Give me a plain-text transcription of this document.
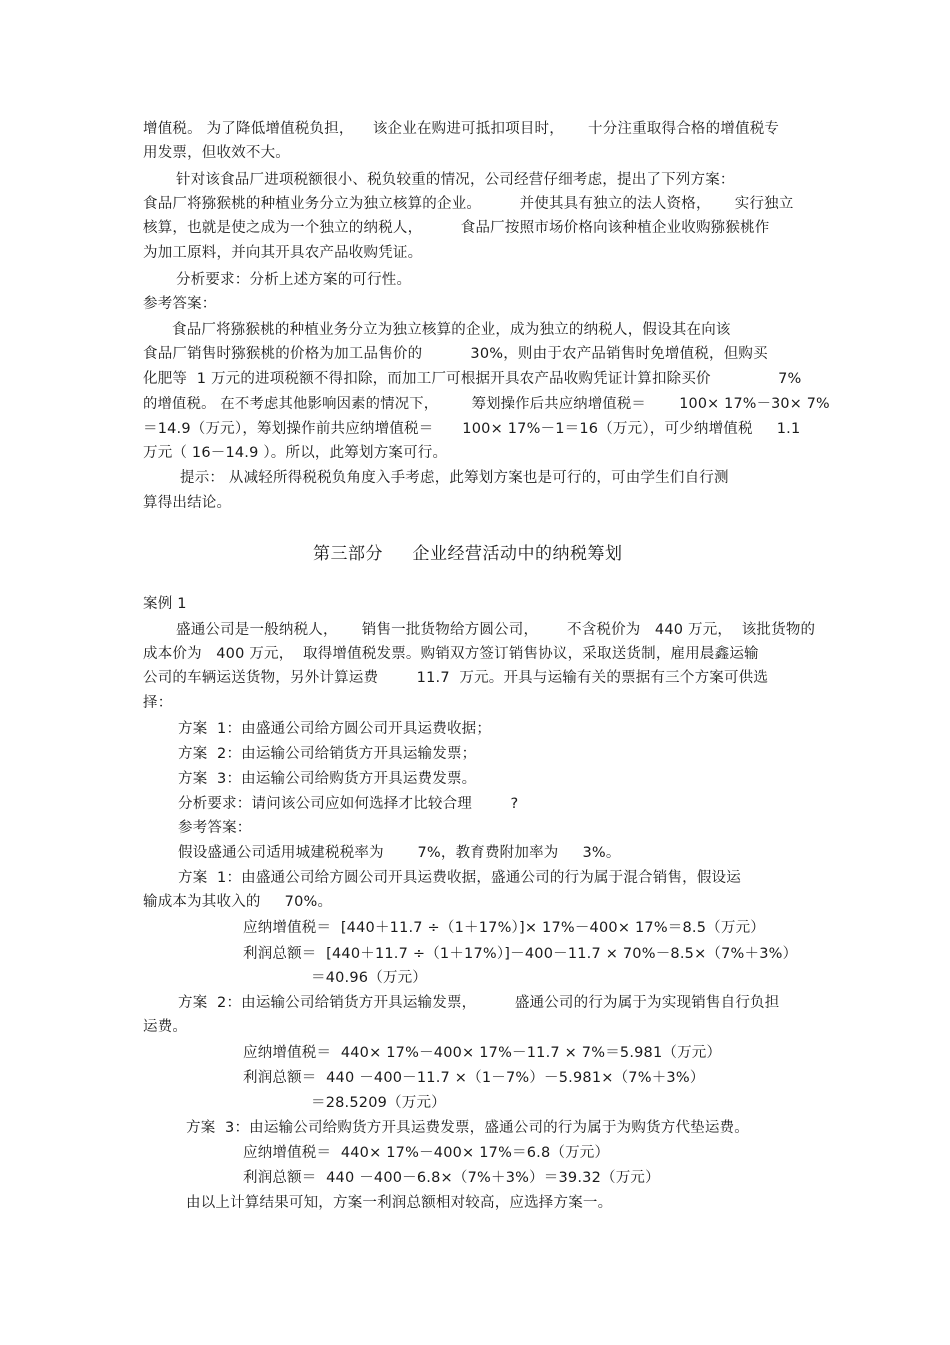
增值税。 为了降低增值税负担，    该企业在购进可抵扣项目时，     十分注重取得合格的增值税专
用发票，但收效不大。
针对该食品厂进项税额很小、税负较重的情况，公司经营仔细考虑，提出了下列方案：
食品厂将猕猴桃的种植业务分立为独立核算的企业。        并使其具有独立的法人资格，     实行独立
核算，也就是使之成为一个独立的纳税人，        食品厂按照市场价格向该种植企业收购猕猴桃作
为加工原料，并向其开具农产品收购凭证。
分析要求：分析上述方案的可行性。
参考答案：
食品厂将猕猴桃的种植业务分立为独立核算的企业，成为独立的纳税人，假设其在向该
食品厂销售时猕猴桃的价格为加工品售价的          30%，则由于农产品销售时免增值税，但购买
化肥等  1 万元的进项税额不得扣除，而加工厂可根据开具农产品收购凭证计算扣除买价              7%
的增值税。 在不考虑其他影响因素的情况下，       筹划操作后共应纳增值税＝       100× 17%－30× 7%
＝14.9（万元），筹划操作前共应纳增值税＝      100× 17%－1＝16（万元），可少纳增值税     1.1
万元（ 16－14.9 ）。所以，此筹划方案可行。
提示： 从减轻所得税税负角度入手考虑，此筹划方案也是可行的，可由学生们自行测
算得出结论。
第三部分     企业经营活动中的纳税筹划
案例 1
盛通公司是一般纳税人，     销售一批货物给方圆公司，      不含税价为   440 万元，  该批货物的
成本价为   400 万元，  取得增值税发票。购销双方签订销售协议，采取送货制，雇用晨鑫运输
公司的车辆运送货物，另外计算运费        11.7  万元。开具与运输有关的票据有三个方案可供选
择：
方案  1：由盛通公司给方圆公司开具运费收据；
方案  2：由运输公司给销货方开具运输发票；
方案  3：由运输公司给购货方开具运费发票。
分析要求：请问该公司应如何选择才比较合理        ?
参考答案：
假设盛通公司适用城建税税率为       7%，教育费附加率为     3%。
方案  1：由盛通公司给方圆公司开具运费收据，盛通公司的行为属于混合销售，假设运
输成本为其收入的     70%。
应纳增值税＝  [440＋11.7 ÷（1＋17%）]× 17%－400× 17%＝8.5（万元）
利润总额＝  [440＋11.7 ÷（1＋17%）]－400－11.7 × 70%－8.5×（7%＋3%）
＝40.96（万元）
方案  2：由运输公司给销货方开具运输发票，        盛通公司的行为属于为实现销售自行负担
运费。
应纳增值税＝  440× 17%－400× 17%－11.7 × 7%＝5.981（万元）
利润总额＝  440 －400－11.7 ×（1－7%）－5.981×（7%＋3%）
＝28.5209（万元）
方案  3：由运输公司给购货方开具运费发票，盛通公司的行为属于为购货方代垫运费。
应纳增值税＝  440× 17%－400× 17%＝6.8（万元）
利润总额＝  440 －400－6.8×（7%＋3%）＝39.32（万元）
由以上计算结果可知，方案一利润总额相对较高，应选择方案一。
